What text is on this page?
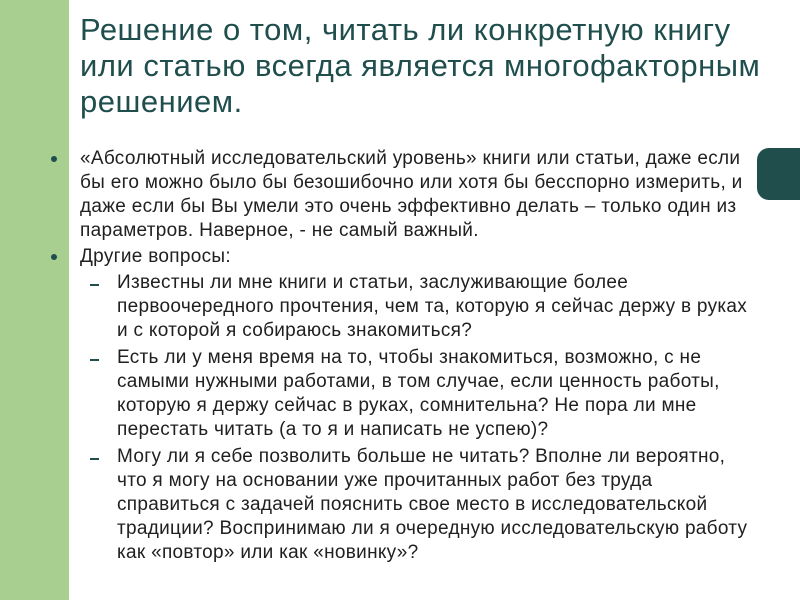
Решение о том, читать ли конкретную книгу или статью всегда является многофакторным решением.
«Абсолютный исследовательский уровень» книги или статьи, даже если бы его можно было бы безошибочно или хотя бы бесспорно измерить, и даже если бы Вы умели это очень эффективно делать – только один из параметров. Наверное, - не самый важный.
Другие вопросы:
Известны ли мне книги и статьи, заслуживающие более первоочередного прочтения, чем та, которую я сейчас держу в руках и с которой я собираюсь знакомиться?
Есть ли у меня время на то, чтобы знакомиться, возможно, с не самыми нужными работами, в том случае, если ценность работы, которую я держу сейчас в руках, сомнительна? Не пора ли мне перестать читать (а то я и написать не успею)?
Могу ли я себе позволить больше не читать? Вполне ли вероятно, что я могу на основании уже прочитанных работ без труда справиться с задачей пояснить свое место в исследовательской традиции? Воспринимаю ли я очередную исследовательскую работу как «повтор» или как «новинку»?
